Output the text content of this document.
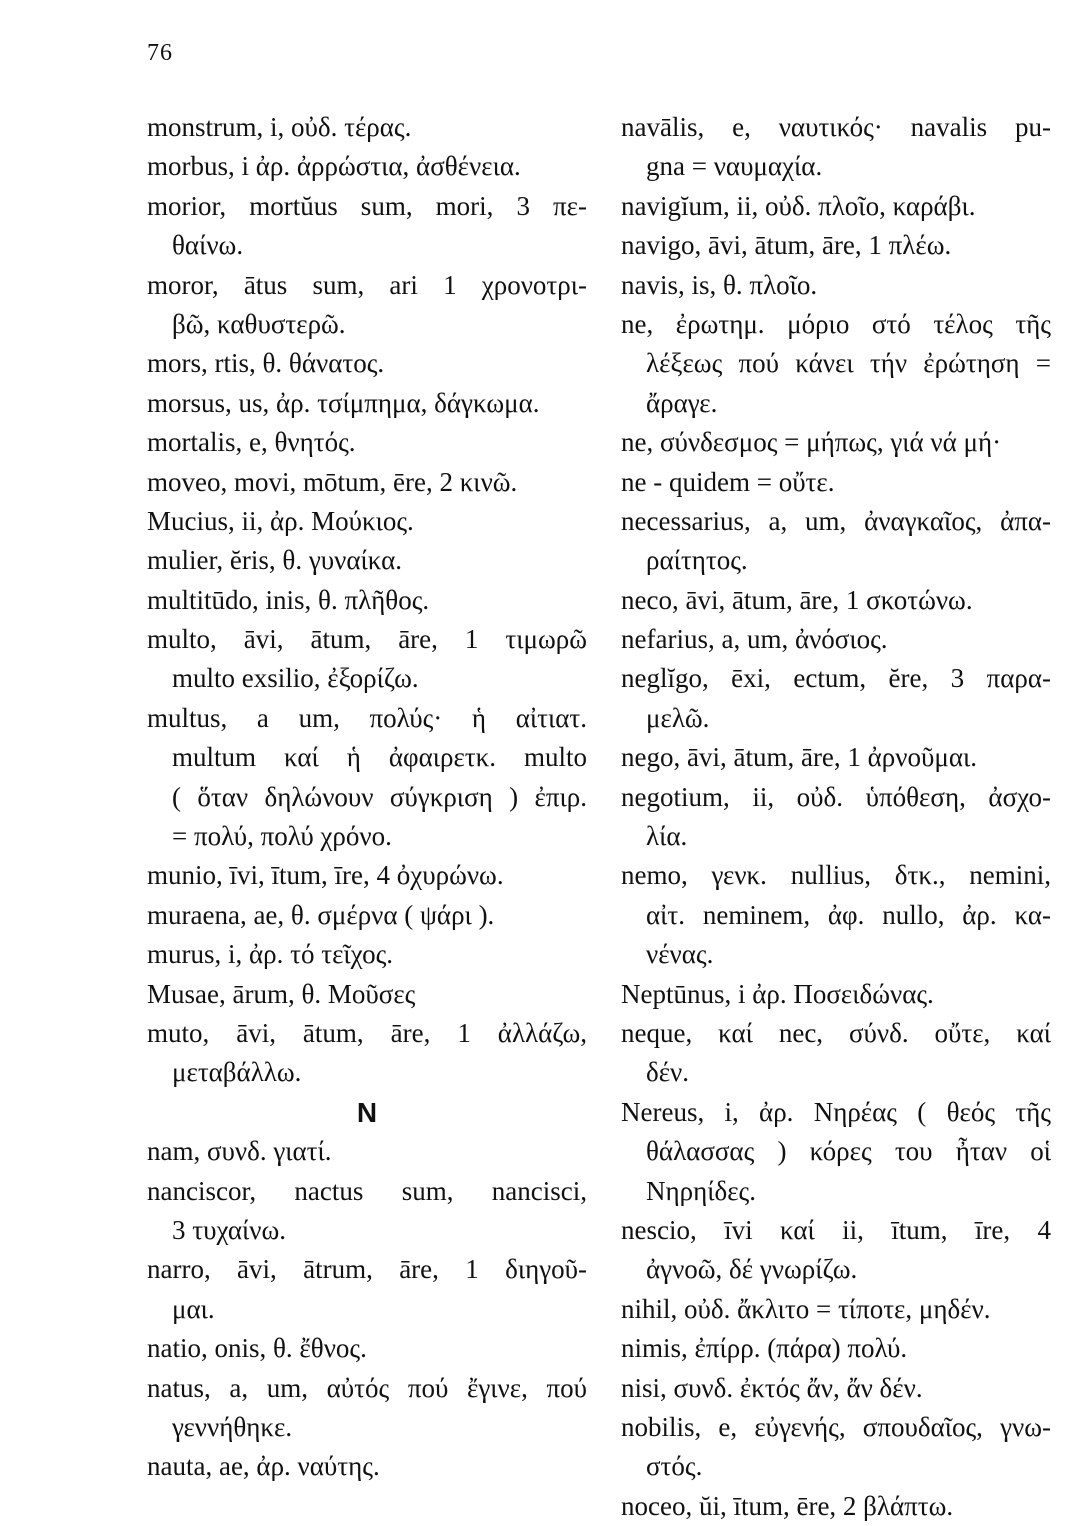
76
monstrum, i, οὐδ. τέρας.
morbus, i ἀρ. ἀρρώστια, ἀσθένεια.
morior, mortŭus sum, mori, 3 πε-
θαίνω.
moror, ātus sum, ari 1 χρονοτρι-
βῶ, καθυστερῶ.
mors, rtis, θ. θάνατος.
morsus, us, ἀρ. τσίμπημα, δάγκωμα.
mortalis, e, θνητός.
moveo, movi, mōtum, ēre, 2 κινῶ.
Mucius, ii, ἀρ. Μούκιος.
mulier, ĕris, θ. γυναίκα.
multitūdo, inis, θ. πλῆθος.
multo, āvi, ātum, āre, 1 τιμωρῶ
multo exsilio, ἐξορίζω.
multus, a um, πολύς· ἡ αἰτιατ.
multum καί ἡ ἀφαιρετκ. multo
( ὅταν δηλώνουν σύγκριση ) ἐπιρ.
= πολύ, πολύ χρόνο.
munio, īvi, ītum, īre, 4 ὀχυρώνω.
muraena, ae, θ. σμέρνα ( ψάρι ).
murus, i, ἀρ. τό τεῖχος.
Musae, ārum, θ. Μοῦσες
muto, āvi, ātum, āre, 1 ἀλλάζω,
μεταβάλλω.
N
nam, συνδ. γιατί.
nanciscor, nactus sum, nancisci,
3 τυχαίνω.
narro, āvi, ātrum, āre, 1 διηγοῦ-
μαι.
natio, onis, θ. ἔθνος.
natus, a, um, αὐτός πού ἔγινε, πού
γεννήθηκε.
nauta, ae, ἀρ. ναύτης.
navālis, e, ναυτικός· navalis pu-
gna = ναυμαχία.
navigĭum, ii, οὐδ. πλοῖο, καράβι.
navigo, āvi, ātum, āre, 1 πλέω.
navis, is, θ. πλοῖο.
ne, ἐρωτημ. μόριο στό τέλος τῆς
λέξεως πού κάνει τήν ἐρώτηση =
ἄραγε.
ne, σύνδεσμος = μήπως, γιά νά μή·
ne - quidem = οὔτε.
necessarius, a, um, ἀναγκαῖος, ἀπα-
ραίτητος.
neco, āvi, ātum, āre, 1 σκοτώνω.
nefarius, a, um, ἀνόσιος.
neglĭgo, ēxi, ectum, ĕre, 3 παρα-
μελῶ.
nego, āvi, ātum, āre, 1 ἀρνοῦμαι.
negotium, ii, οὐδ. ὑπόθεση, ἀσχο-
λία.
nemo, γενκ. nullius, δτκ., nemini,
αἰτ. neminem, ἀφ. nullo, ἀρ. κα-
νένας.
Neptūnus, i ἀρ. Ποσειδώνας.
neque, καί nec, σύνδ. οὔτε, καί
δέν.
Nereus, i, ἀρ. Νηρέας ( θεός τῆς
θάλασσας ) κόρες του ἦταν οἱ
Νηρηίδες.
nescio, īvi καί ii, ītum, īre, 4
ἀγνοῶ, δέ γνωρίζω.
nihil, οὐδ. ἄκλιτο = τίποτε, μηδέν.
nimis, ἐπίρρ. (πάρα) πολύ.
nisi, συνδ. ἐκτός ἄν, ἄν δέν.
nobilis, e, εὐγενής, σπουδαῖος, γνω-
στός.
noceo, ŭi, ītum, ēre, 2 βλάπτω.
